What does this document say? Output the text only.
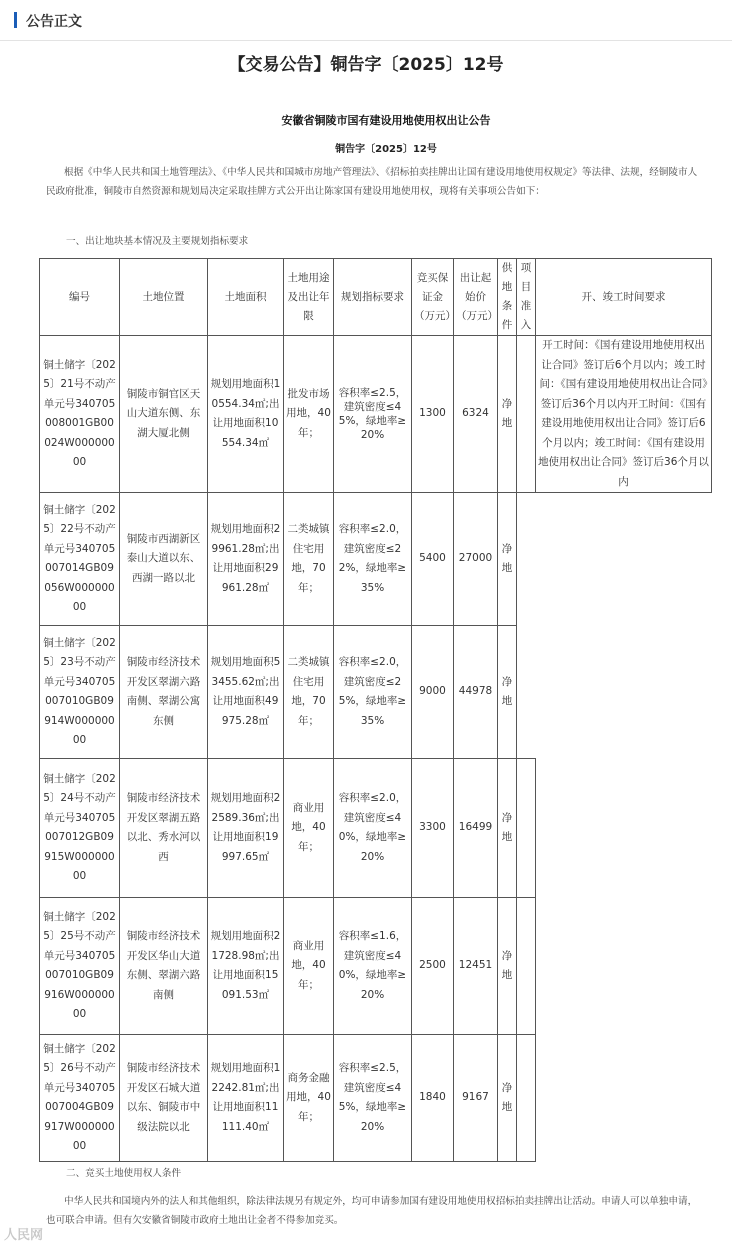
公告正文
【交易公告】铜告字〔2025〕12号
安徽省铜陵市国有建设用地使用权出让公告
铜告字〔2025〕12号
根据《中华人民共和国土地管理法》、《中华人民共和国城市房地产管理法》、《招标拍卖挂牌出让国有建设用地使用权规定》等法律、法规，经铜陵市人民政府批准，铜陵市自然资源和规划局决定采取挂牌方式公开出让陈家国有建设用地使用权，现将有关事项公告如下：
一、出让地块基本情况及主要规划指标要求
编号	土地位置	土地面积	土地用途及出让年限	规划指标要求	竞买保证金（万元）	出让起始价（万元）	供地条件	项目准入	开、竣工时间要求
铜土储字〔2025〕21号不动产单元号340705008001GB00024W00000000	铜陵市铜官区天山大道东侧、东湖大厦北侧	规划用地面积10554.34㎡;出让用地面积10554.34㎡	批发市场用地，40年；	容积率≤2.5，建筑密度≤45%，绿地率≥20%	1300	6324	净地		开工时间：《国有建设用地使用权出让合同》签订后6个月以内；竣工时间：《国有建设用地使用权出让合同》签订后36个月以内开工时间：《国有建设用地使用权出让合同》签订后6个月以内；竣工时间：《国有建设用地使用权出让合同》签订后36个月以内
铜土储字〔2025〕22号不动产单元号340705007014GB09056W00000000	铜陵市西湖新区泰山大道以东、西湖一路以北	规划用地面积29961.28㎡;出让用地面积29961.28㎡	二类城镇住宅用地，70年；	容积率≤2.0，建筑密度≤22%，绿地率≥35%	5400	27000	净地		
铜土储字〔2025〕23号不动产单元号340705007010GB09914W00000000	铜陵市经济技术开发区翠湖六路南侧、翠湖公寓东侧	规划用地面积53455.62㎡;出让用地面积49975.28㎡	二类城镇住宅用地，70年；	容积率≤2.0，建筑密度≤25%，绿地率≥35%	9000	44978	净地		
铜土储字〔2025〕24号不动产单元号340705007012GB09915W00000000	铜陵市经济技术开发区翠湖五路以北、秀水河以西	规划用地面积22589.36㎡;出让用地面积19997.65㎡	商业用地，40年；	容积率≤2.0，建筑密度≤40%，绿地率≥20%	3300	16499	净地		
铜土储字〔2025〕25号不动产单元号340705007010GB09916W00000000	铜陵市经济技术开发区华山大道东侧、翠湖六路南侧	规划用地面积21728.98㎡;出让用地面积15091.53㎡	商业用地，40年；	容积率≤1.6，建筑密度≤40%，绿地率≥20%	2500	12451	净地		
铜土储字〔2025〕26号不动产单元号340705007004GB09917W00000000	铜陵市经济技术开发区石城大道以东、铜陵市中级法院以北	规划用地面积12242.81㎡;出让用地面积11111.40㎡	商务金融用地，40年；	容积率≤2.5，建筑密度≤45%，绿地率≥20%	1840	9167	净地		
二、竞买土地使用权人条件
中华人民共和国境内外的法人和其他组织，除法律法规另有规定外，均可申请参加国有建设用地使用权招标拍卖挂牌出让活动。申请人可以单独申请，也可联合申请。但有欠安徽省铜陵市政府土地出让金者不得参加竞买。
人民网
